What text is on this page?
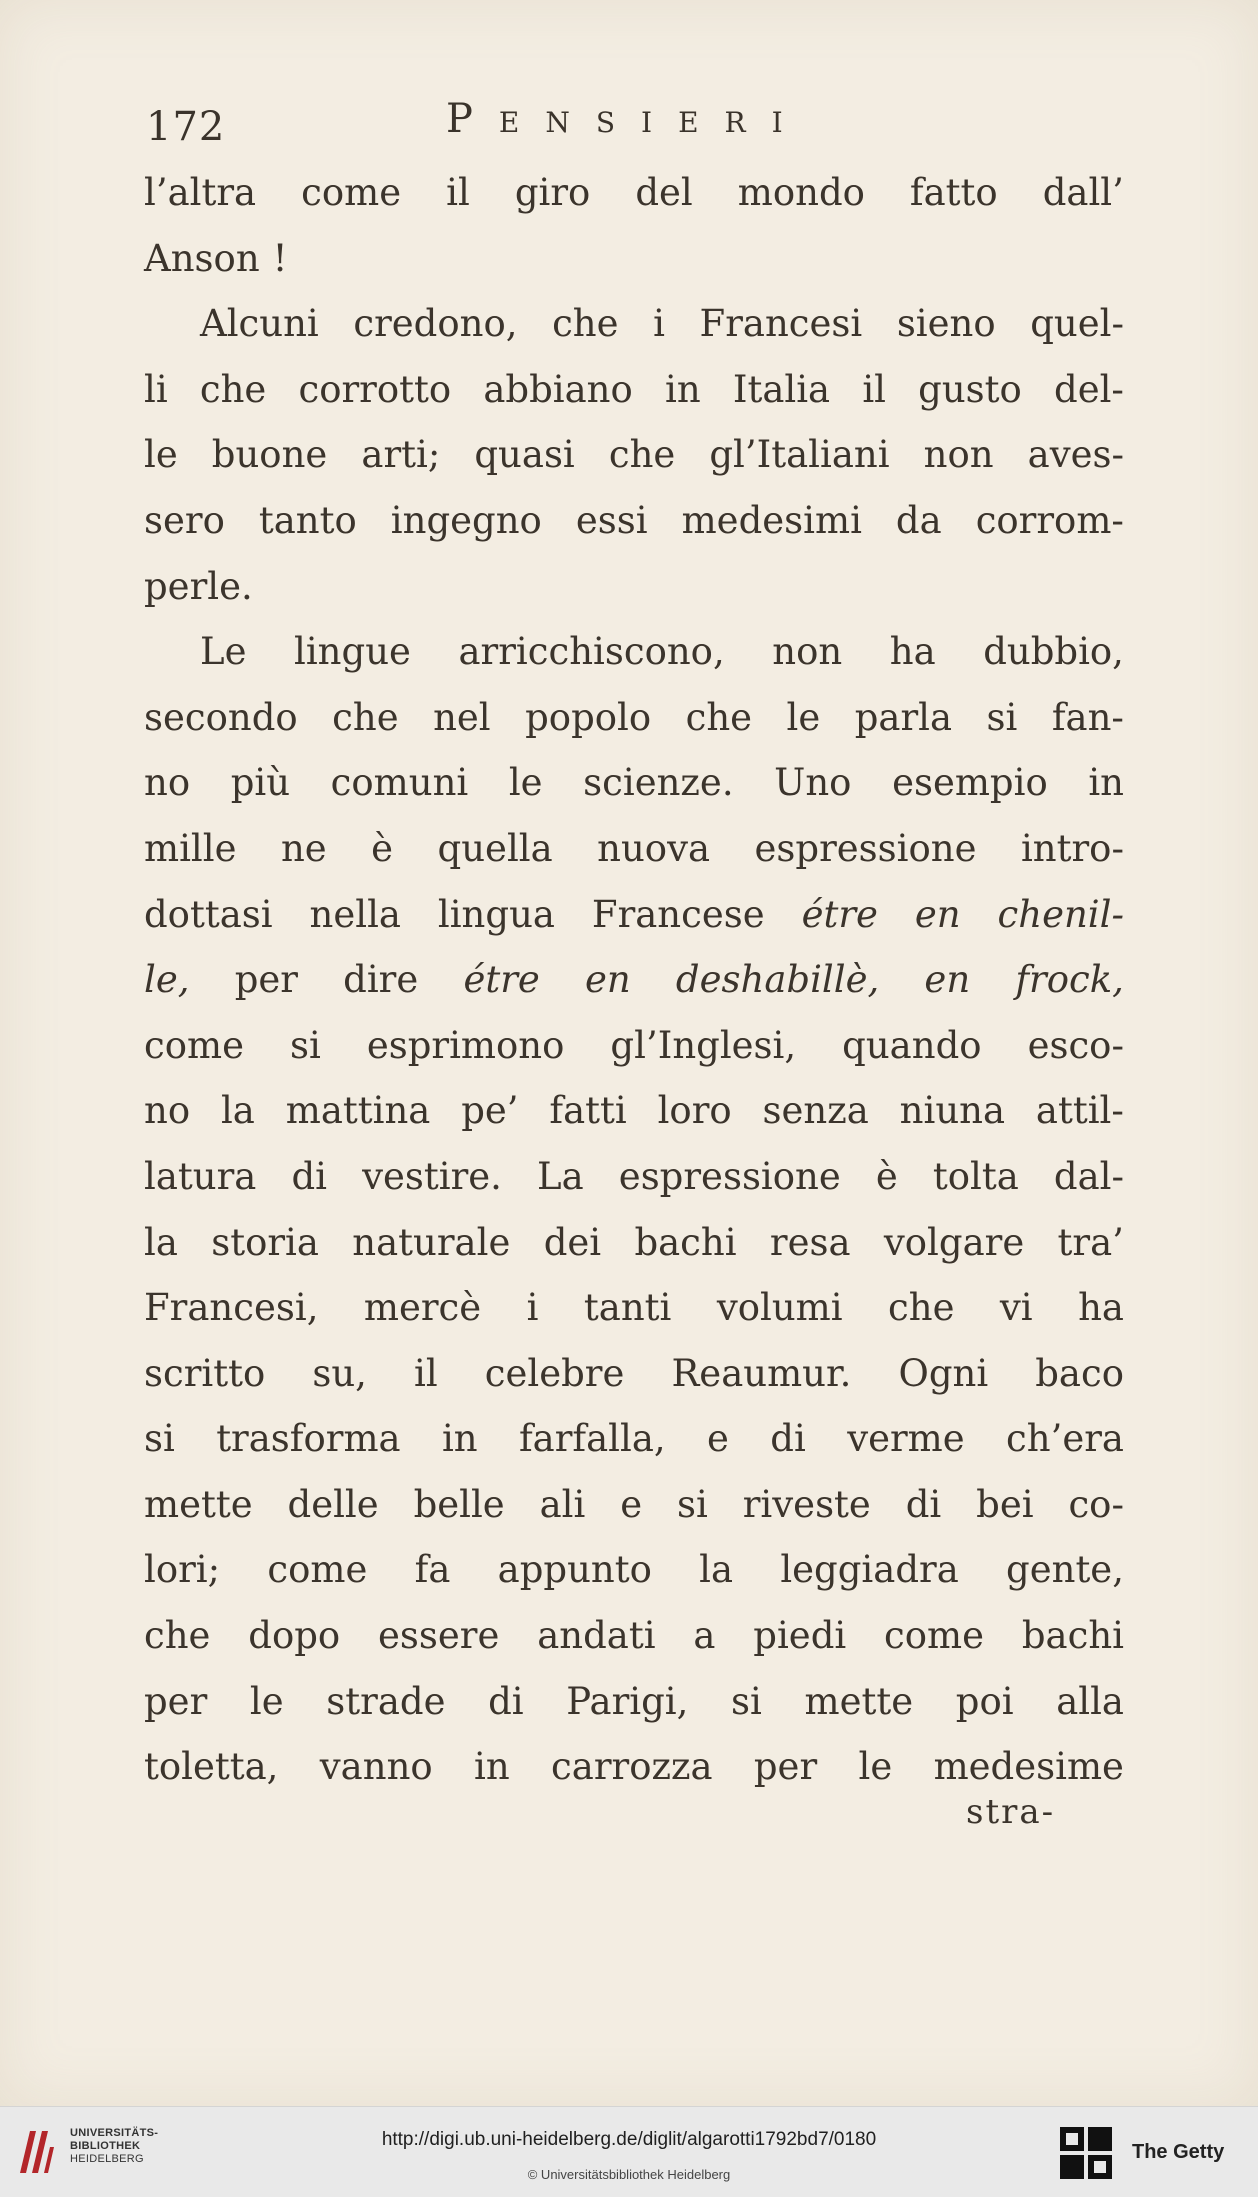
172	Pensieri
l’altra come il giro del mondo fatto dall’
Anson !
Alcuni credono, che i Francesi sieno quel-
li che corrotto abbiano in Italia il gusto del-
le buone arti; quasi che gl’Italiani non aves-
sero tanto ingegno essi medesimi da corrom-
perle.
Le lingue arricchiscono, non ha dubbio,
secondo che nel popolo che le parla si fan-
no più comuni le scienze. Uno esempio in
mille ne è quella nuova espressione intro-
dottasi nella lingua Francese étre en chenil-
le, per dire étre en deshabillè, en frock,
come si esprimono gl’Inglesi, quando esco-
no la mattina pe’ fatti loro senza niuna attil-
latura di vestire. La espressione è tolta dal-
la storia naturale dei bachi resa volgare tra’
Francesi, mercè i tanti volumi che vi ha
scritto su, il celebre Reaumur. Ogni baco
si trasforma in farfalla, e di verme ch’era
mette delle belle ali e si riveste di bei co-
lori; come fa appunto la leggiadra gente,
che dopo essere andati a piedi come bachi
per le strade di Parigi, si mette poi alla
toletta, vanno in carrozza per le medesime
stra-
UNIVERSITÄTS-
BIBLIOTHEK
HEIDELBERG
http://digi.ub.uni-heidelberg.de/diglit/algarotti1792bd7/0180
© Universitätsbibliothek Heidelberg
The Getty
